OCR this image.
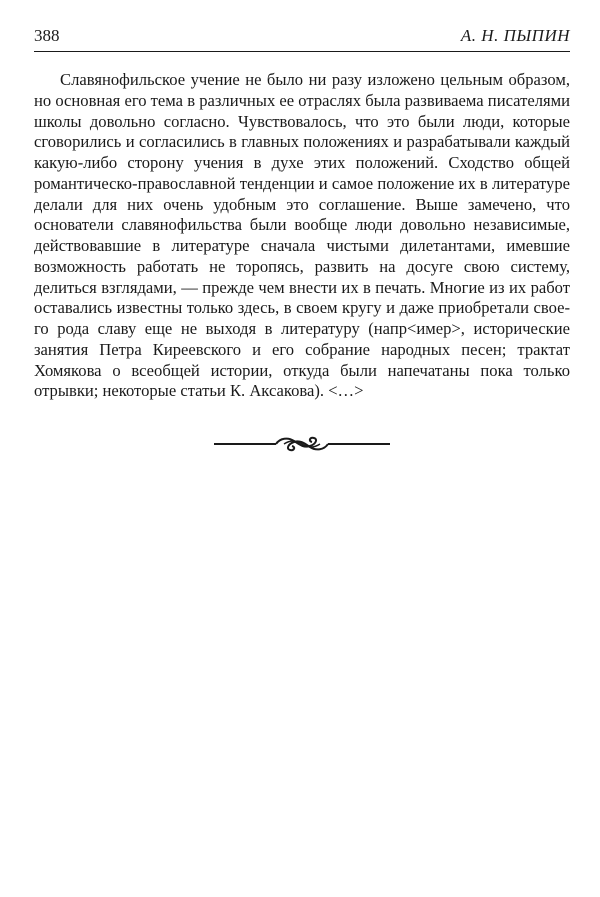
388	А. Н. ПЫПИН

Славянофильское учение не было ни разу изложено цельным образом, но основная его тема в различных ее отраслях была развиваема писателями школы довольно согласно. Чувствовалось, что это были люди, которые сговорились и согласились в главных положениях и разрабатывали каждый какую-либо сторону учения в духе этих положений. Сходство общей романтическо-православной тенденции и самое положение их в литературе делали для них очень удобным это соглашение. Выше замечено, что основатели славянофильства были вообще люди довольно независимые, действовавшие в литературе сначала чистыми дилетантами, имевшие возможность работать не торопясь, развить на досуге свою систему, делиться взглядами, — прежде чем внести их в печать. Многие из их работ оставались известны только здесь, в своем кругу и даже приобретали своего рода славу еще не выходя в литературу (напр<имер>, исторические занятия Петра Киреевского и его собрание народных песен; трактат Хомякова о всеобщей истории, откуда были напечатаны пока только отрывки; некоторые статьи К. Аксакова). <…>
